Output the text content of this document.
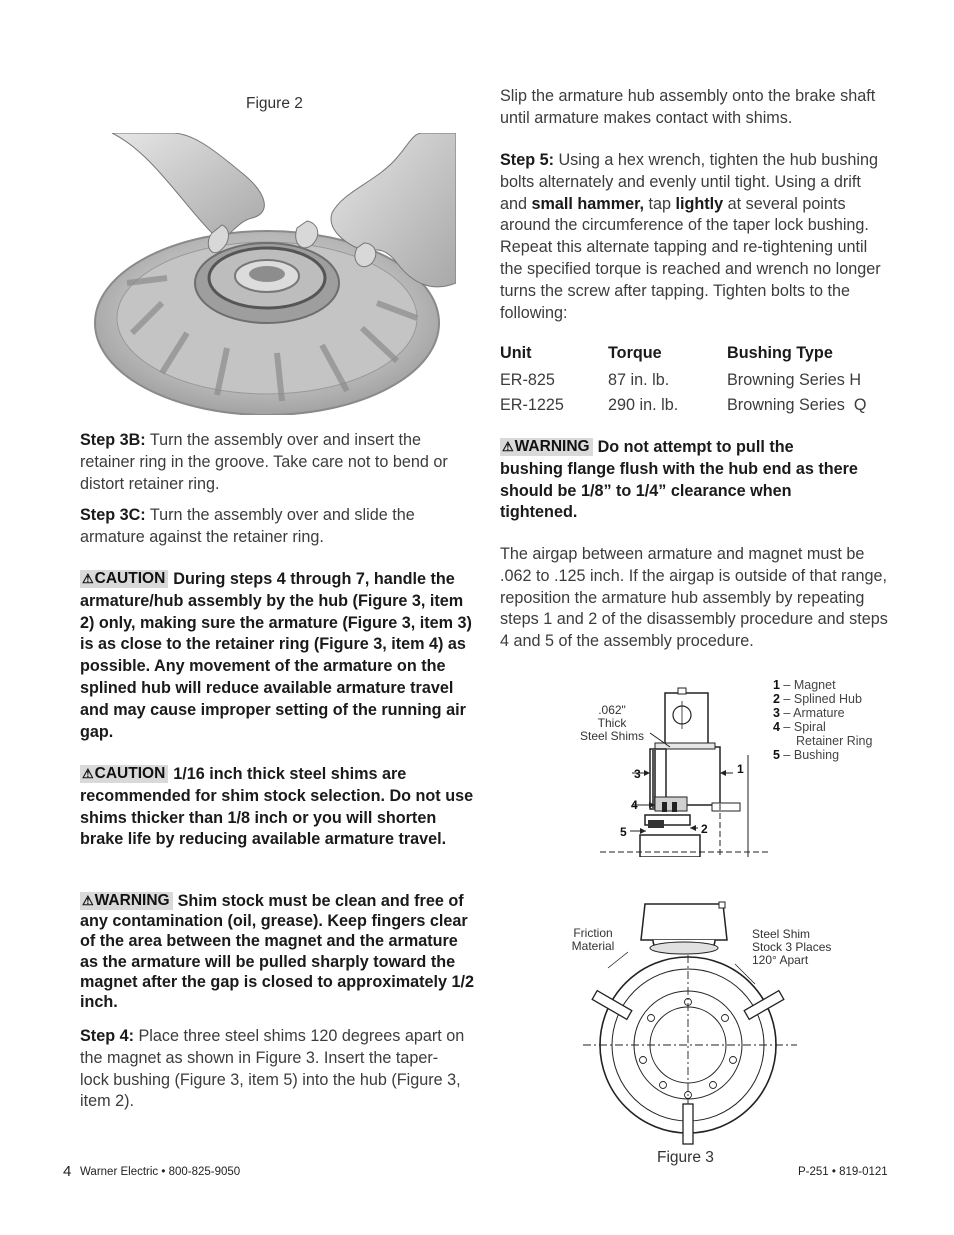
Figure 2

Step 3B: Turn the assembly over and insert the retainer ring in the groove. Take care not to bend or distort retainer ring.

Step 3C: Turn the assembly over and slide the armature against the retainer ring.

⚠CAUTION During steps 4 through 7, handle the armature/hub assembly by the hub (Figure 3, item 2) only, making sure the armature (Figure 3, item 3) is as close to the retainer ring (Figure 3, item 4) as possible. Any movement of the armature on the splined hub will reduce available armature travel and may cause improper setting of the running air gap.
⚠CAUTION 1/16 inch thick steel shims are recommended for shim stock selection. Do not use shims thicker than 1/8 inch or you will shorten brake life by reducing available armature travel.
⚠WARNING Shim stock must be clean and free of any contamination (oil, grease). Keep fingers clear of the area between the magnet and the armature as the armature will be pulled sharply toward the magnet after the gap is closed to approximately 1/2 inch.

Step 4: Place three steel shims 120 degrees apart on the magnet as shown in Figure 3. Insert the taper-lock bushing (Figure 3, item 5) into the hub (Figure 3, item 2).

Slip the armature hub assembly onto the brake shaft until armature makes contact with shims.

Step 5: Using a hex wrench, tighten the hub bushing bolts alternately and evenly until tight. Using a drift and small hammer, tap lightly at several points around the circumference of the taper lock bushing. Repeat this alternate tapping and re-tightening until the specified torque is reached and wrench no longer turns the screw after tapping. Tighten bolts to the following:

Unit	Torque	Bushing Type
ER-825	87 in. lb.	Browning Series H
ER-1225	290 in. lb.	Browning Series  Q
⚠WARNING Do not attempt to pull the bushing flange flush with the hub end as there should be 1/8” to 1/4” clearance when tightened.
The airgap between armature and magnet must be .062 to .125 inch. If the airgap is outside of that range, reposition the armature hub assembly by repeating steps 1 and 2 of the disassembly procedure and steps 4 and 5 of the assembly procedure.
.062"
Thick
Steel Shims
1
2
3
4
5
1 – Magnet
2 – Splined Hub
3 – Armature
4 – Spiral
Retainer Ring
5 – Bushing
Friction
Material
Steel Shim
Stock 3 Places
120° Apart
Figure 3
4 Warner Electric • 800-825-9050	P-251 • 819-0121
